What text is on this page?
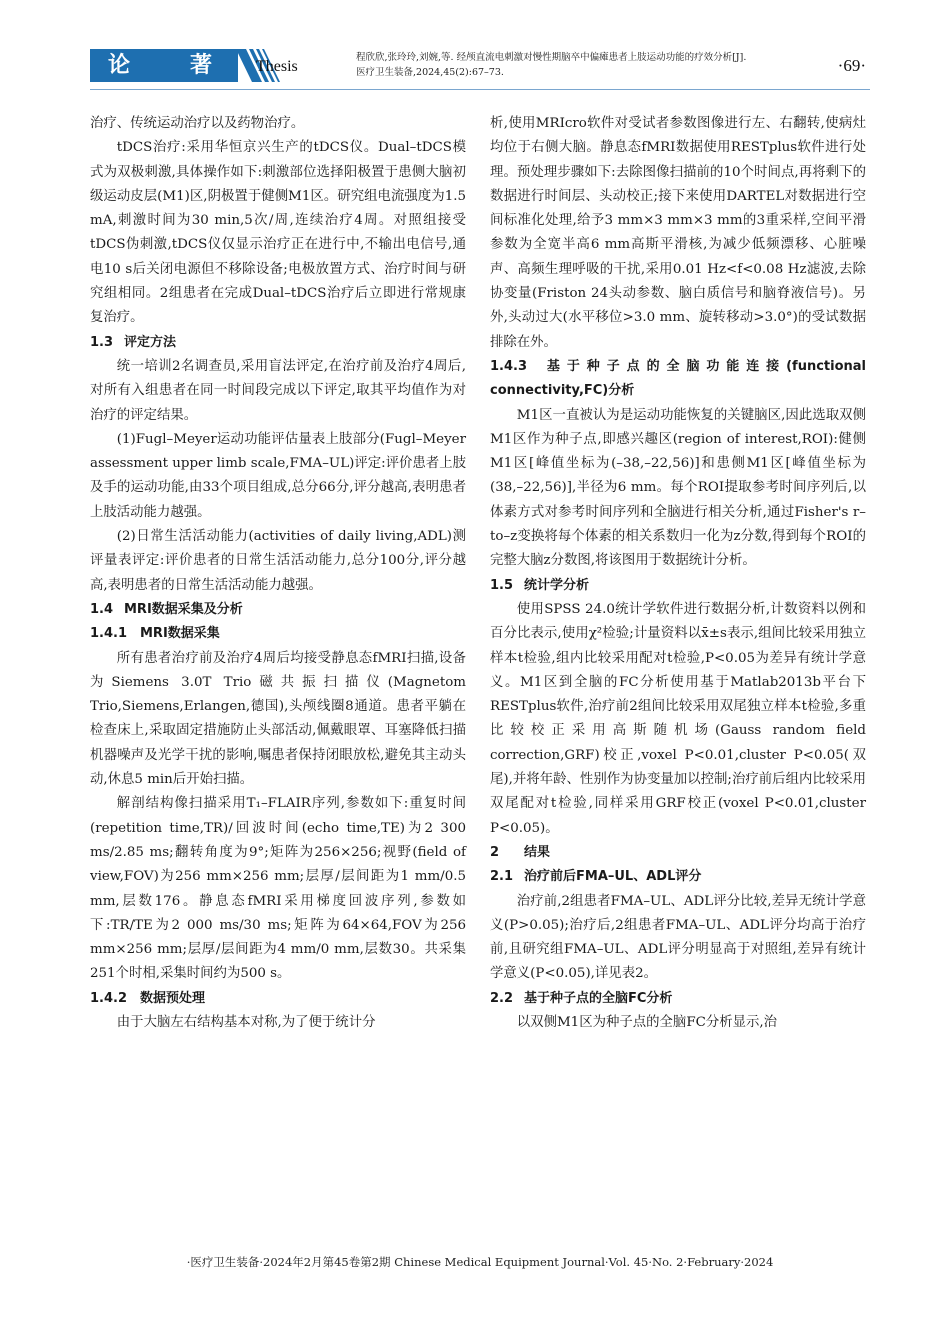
论	著	Thesis
程欣欣,张玲玲,刘婉,等. 经颅直流电刺激对慢性期脑卒中偏瘫患者上肢运动功能的疗效分析[J].
医疗卫生装备,2024,45(2):67–73.	·69·

治疗、传统运动治疗以及药物治疗。

tDCS治疗:采用华恒京兴生产的tDCS仪。Dual–tDCS模式为双极刺激,具体操作如下:刺激部位选择阳极置于患侧大脑初级运动皮层(M1)区,阴极置于健侧M1区。研究组电流强度为1.5 mA,刺激时间为30 min,5次/周,连续治疗4周。对照组接受tDCS伪刺激,tDCS仪仅显示治疗正在进行中,不输出电信号,通电10 s后关闭电源但不移除设备;电极放置方式、治疗时间与研究组相同。2组患者在完成Dual–tDCS治疗后立即进行常规康复治疗。

1.3 评定方法

统一培训2名调查员,采用盲法评定,在治疗前及治疗4周后,对所有入组患者在同一时间段完成以下评定,取其平均值作为对治疗的评定结果。

(1)Fugl–Meyer运动功能评估量表上肢部分(Fugl–Meyer assessment upper limb scale,FMA–UL)评定:评价患者上肢及手的运动功能,由33个项目组成,总分66分,评分越高,表明患者上肢活动能力越强。

(2)日常生活活动能力(activities of daily living,ADL)测评量表评定:评价患者的日常生活活动能力,总分100分,评分越高,表明患者的日常生活活动能力越强。

1.4 MRI数据采集及分析
1.4.1 MRI数据采集

所有患者治疗前及治疗4周后均接受静息态fMRI扫描,设备为Siemens 3.0T Trio磁共振扫描仪(Magnetom Trio,Siemens,Erlangen,德国),头颅线圈8通道。患者平躺在检查床上,采取固定措施防止头部活动,佩戴眼罩、耳塞降低扫描机器噪声及光学干扰的影响,嘱患者保持闭眼放松,避免其主动头动,休息5 min后开始扫描。

解剖结构像扫描采用T₁–FLAIR序列,参数如下:重复时间(repetition time,TR)/回波时间(echo time,TE)为2 300 ms/2.85 ms;翻转角度为9°;矩阵为256×256;视野(field of view,FOV)为256 mm×256 mm;层厚/层间距为1 mm/0.5 mm,层数176。静息态fMRI采用梯度回波序列,参数如下:TR/TE为2 000 ms/30 ms;矩阵为64×64,FOV为256 mm×256 mm;层厚/层间距为4 mm/0 mm,层数30。共采集251个时相,采集时间约为500 s。

1.4.2 数据预处理

由于大脑左右结构基本对称,为了便于统计分

析,使用MRIcro软件对受试者参数图像进行左、右翻转,使病灶均位于右侧大脑。静息态fMRI数据使用RESTplus软件进行处理。预处理步骤如下:去除图像扫描前的10个时间点,再将剩下的数据进行时间层、头动校正;接下来使用DARTEL对数据进行空间标准化处理,给予3 mm×3 mm×3 mm的3重采样,空间平滑参数为全宽半高6 mm高斯平滑核,为减少低频漂移、心脏噪声、高频生理呼吸的干扰,采用0.01 Hz<f<0.08 Hz滤波,去除协变量(Friston 24头动参数、脑白质信号和脑脊液信号)。另外,头动过大(水平移位>3.0 mm、旋转移动>3.0°)的受试数据排除在外。

1.4.3 基于种子点的全脑功能连接(functional connectivity,FC)分析

M1区一直被认为是运动功能恢复的关键脑区,因此选取双侧M1区作为种子点,即感兴趣区(region of interest,ROI):健侧M1区[峰值坐标为(–38,–22,56)]和患侧M1区[峰值坐标为(38,–22,56)],半径为6 mm。每个ROI提取参考时间序列后,以体素方式对参考时间序列和全脑进行相关分析,通过Fisher's r–to–z变换将每个体素的相关系数归一化为z分数,得到每个ROI的完整大脑z分数图,将该图用于数据统计分析。

1.5 统计学分析

使用SPSS 24.0统计学软件进行数据分析,计数资料以例和百分比表示,使用χ²检验;计量资料以x̄±s表示,组间比较采用独立样本t检验,组内比较采用配对t检验,P<0.05为差异有统计学意义。M1区到全脑的FC分析使用基于Matlab2013b平台下RESTplus软件,治疗前2组间比较采用双尾独立样本t检验,多重比较校正采用高斯随机场(Gauss random field correction,GRF)校正,voxel P<0.01,cluster P<0.05(双尾),并将年龄、性别作为协变量加以控制;治疗前后组内比较采用双尾配对t检验,同样采用GRF校正(voxel P<0.01,cluster P<0.05)。

2 结果
2.1 治疗前后FMA–UL、ADL评分

治疗前,2组患者FMA–UL、ADL评分比较,差异无统计学意义(P>0.05);治疗后,2组患者FMA–UL、ADL评分均高于治疗前,且研究组FMA–UL、ADL评分明显高于对照组,差异有统计学意义(P<0.05),详见表2。

2.2 基于种子点的全脑FC分析

以双侧M1区为种子点的全脑FC分析显示,治

·医疗卫生装备·2024年2月第45卷第2期 Chinese Medical Equipment Journal·Vol. 45·No. 2·February·2024
